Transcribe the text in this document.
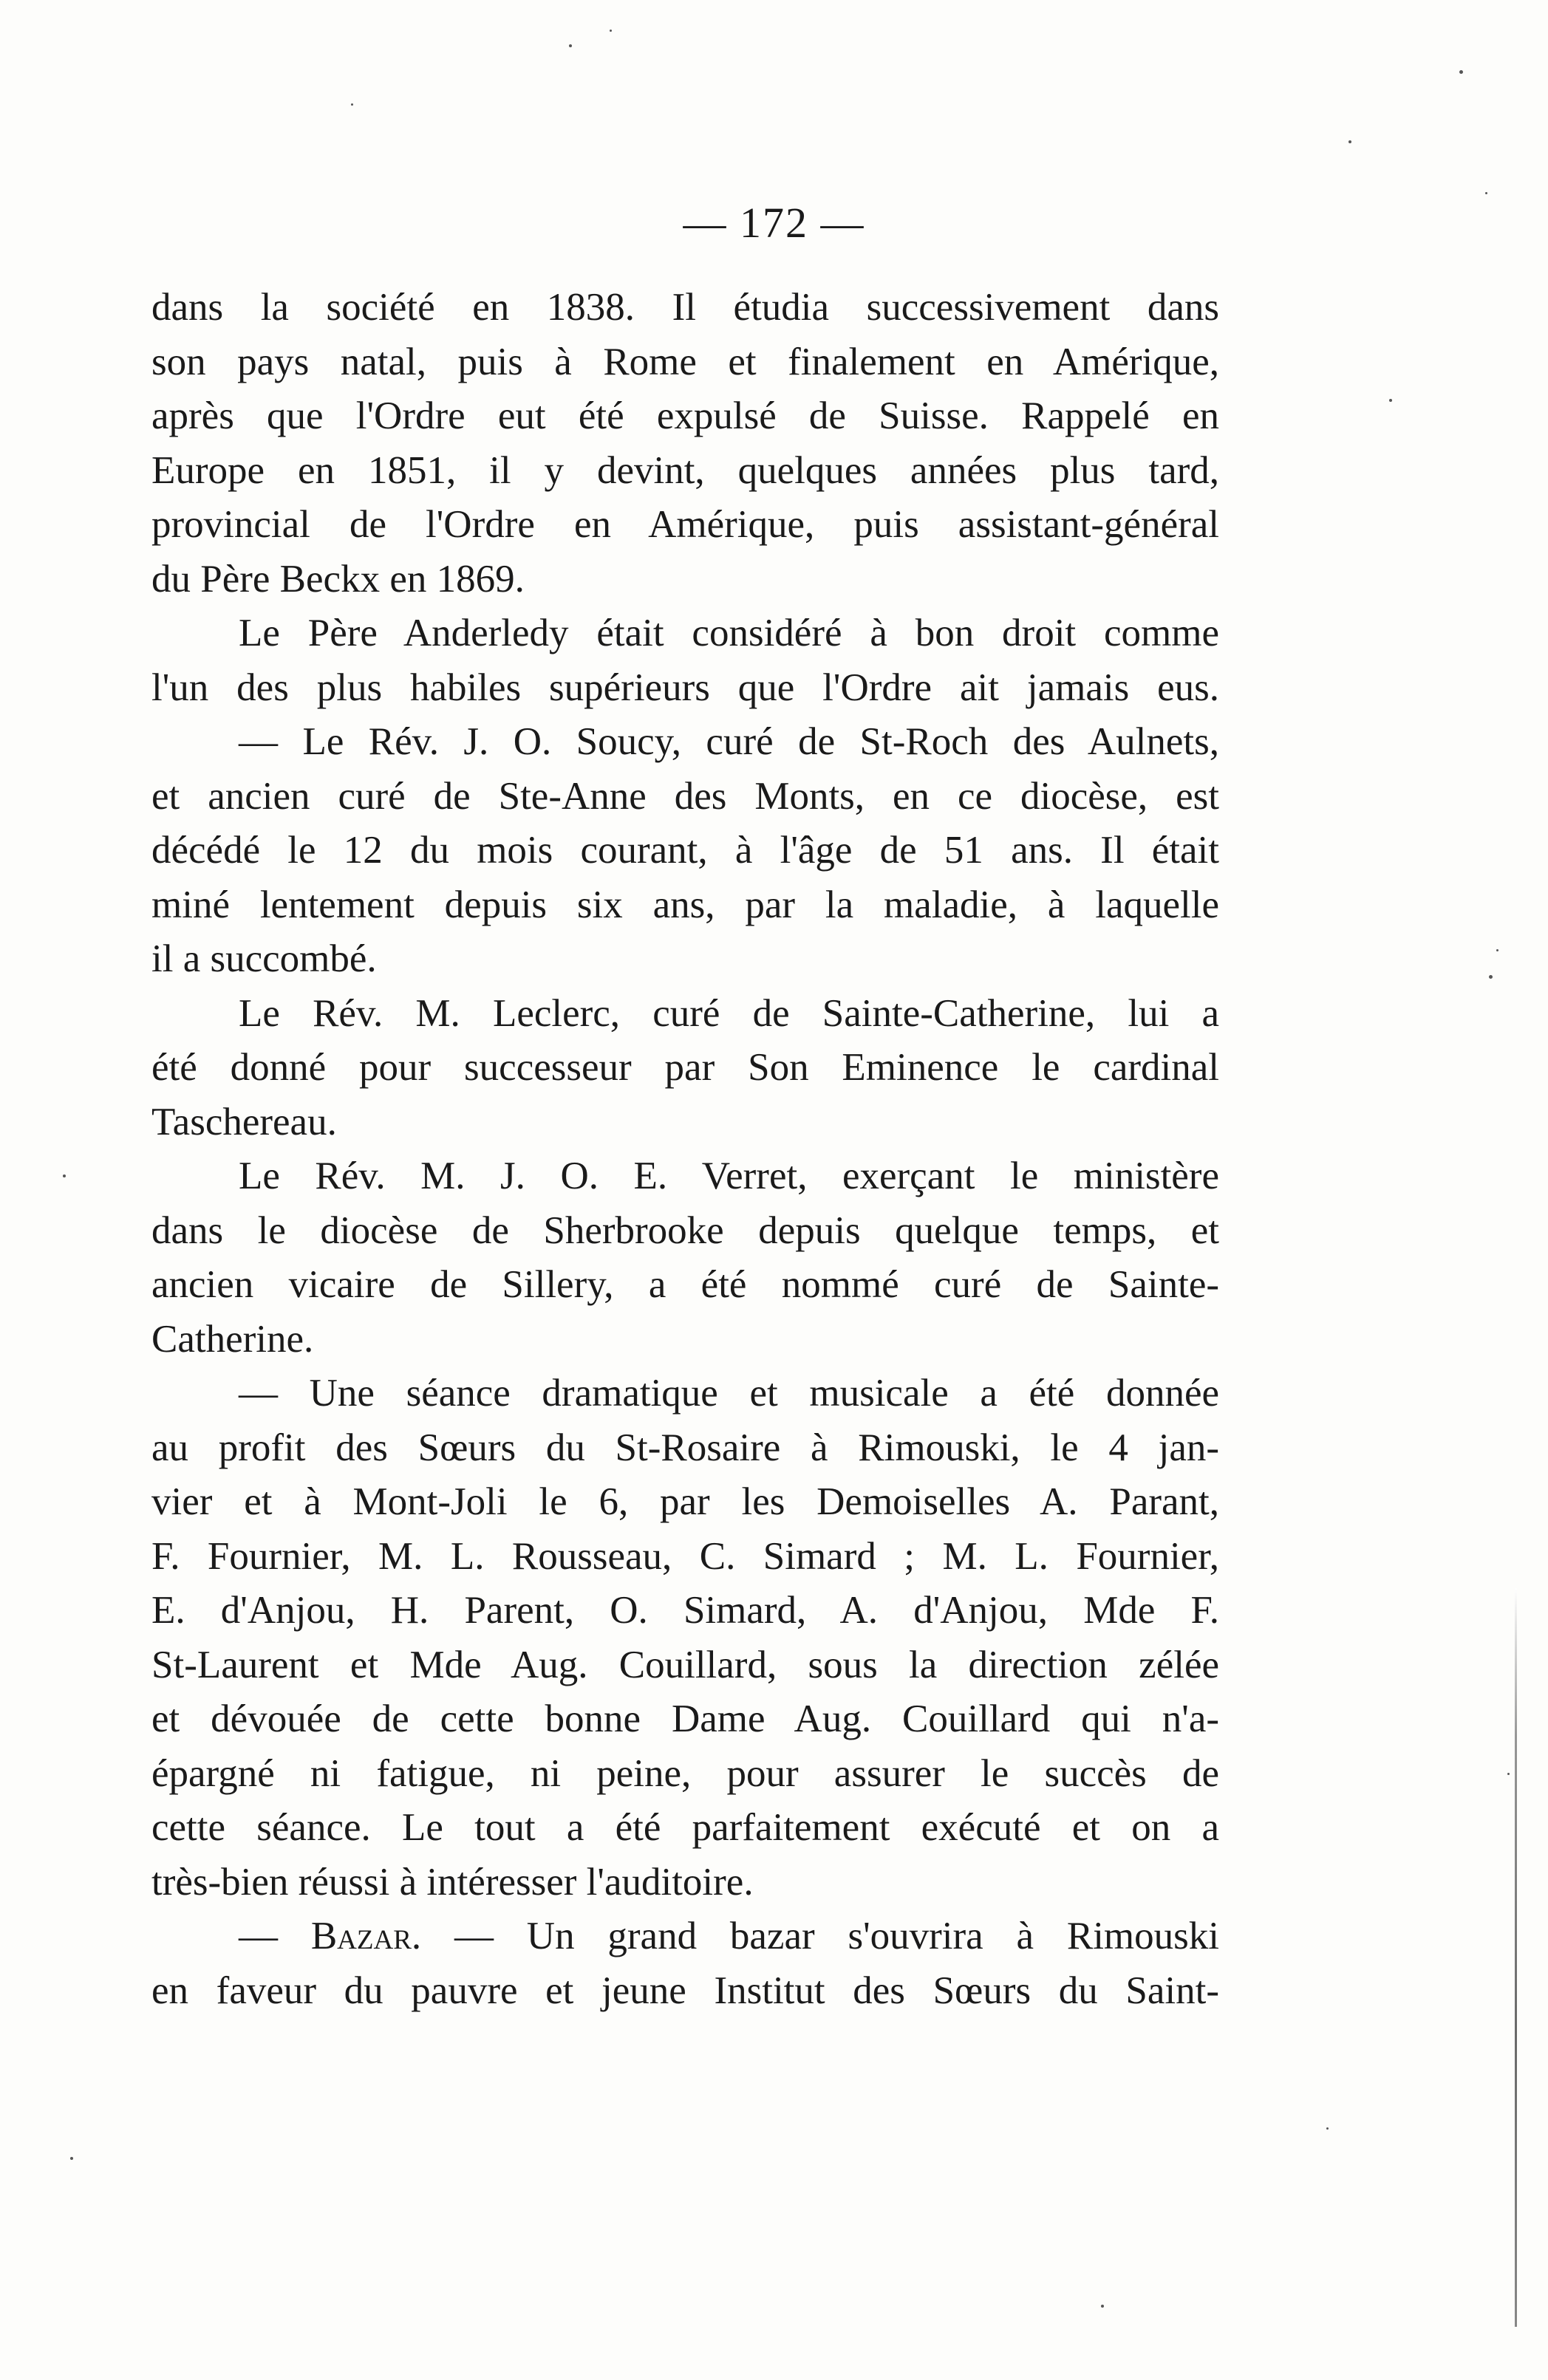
— 172 —
dans la société en 1838. Il étudia successivement dans
son pays natal, puis à Rome et finalement en Amérique,
après que l'Ordre eut été expulsé de Suisse. Rappelé en
Europe en 1851, il y devint, quelques années plus tard,
provincial de l'Ordre en Amérique, puis assistant-général
du Père Beckx en 1869.
Le Père Anderledy était considéré à bon droit comme
l'un des plus habiles supérieurs que l'Ordre ait jamais eus.
— Le Rév. J. O. Soucy, curé de St-Roch des Aulnets,
et ancien curé de Ste-Anne des Monts, en ce diocèse, est
décédé le 12 du mois courant, à l'âge de 51 ans. Il était
miné lentement depuis six ans, par la maladie, à laquelle
il a succombé.
Le Rév. M. Leclerc, curé de Sainte-Catherine, lui a
été donné pour successeur par Son Eminence le cardinal
Taschereau.
Le Rév. M. J. O. E. Verret, exerçant le ministère
dans le diocèse de Sherbrooke depuis quelque temps, et
ancien vicaire de Sillery, a été nommé curé de Sainte-
Catherine.
— Une séance dramatique et musicale a été donnée
au profit des Sœurs du St-Rosaire à Rimouski, le 4 jan-
vier et à Mont-Joli le 6, par les Demoiselles A. Parant,
F. Fournier, M. L. Rousseau, C. Simard ; M. L. Fournier,
E. d'Anjou, H. Parent, O. Simard, A. d'Anjou, Mde F.
St-Laurent et Mde Aug. Couillard, sous la direction zélée
et dévouée de cette bonne Dame Aug. Couillard qui n'a-
épargné ni fatigue, ni peine, pour assurer le succès de
cette séance. Le tout a été parfaitement exécuté et on a
très-bien réussi à intéresser l'auditoire.
— Bazar. — Un grand bazar s'ouvrira à Rimouski
en faveur du pauvre et jeune Institut des Sœurs du Saint-
